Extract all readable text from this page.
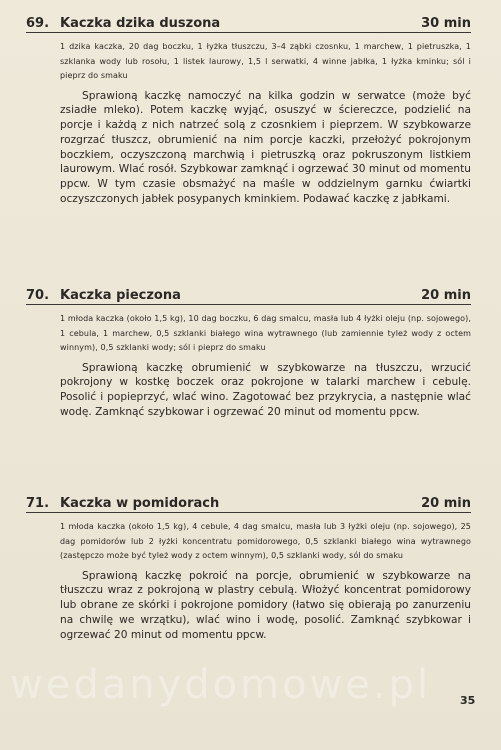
69. Kaczka dzika duszona	30 min
1 dzika kaczka, 20 dag boczku, 1 łyżka tłuszczu, 3–4 ząbki czosnku, 1 marchew, 1 pietruszka, 1 szklanka wody lub rosołu, 1 listek laurowy, 1,5 l serwatki, 4 winne jabłka, 1 łyżka kminku; sól i pieprz do smaku
Sprawioną kaczkę namoczyć na kilka godzin w serwatce (może być zsiadłe mleko). Potem kaczkę wyjąć, osuszyć w ściereczce, podzielić na porcje i każdą z nich natrzeć solą z czosnkiem i pieprzem. W szybkowarze rozgrzać tłuszcz, obrumienić na nim porcje kaczki, przełożyć pokrojonym boczkiem, oczyszczoną marchwią i pietruszką oraz pokruszonym listkiem laurowym. Wlać rosół. Szybkowar zamknąć i ogrzewać 30 minut od momentu ppcw. W tym czasie obsmażyć na maśle w oddzielnym garnku ćwiartki oczyszczonych jabłek posypanych kminkiem. Podawać kaczkę z jabłkami.
70. Kaczka pieczona	20 min
1 młoda kaczka (około 1,5 kg), 10 dag boczku, 6 dag smalcu, masła lub 4 łyżki oleju (np. sojowego), 1 cebula, 1 marchew, 0,5 szklanki białego wina wytrawnego (lub zamiennie tyleż wody z octem winnym), 0,5 szklanki wody; sól i pieprz do smaku
Sprawioną kaczkę obrumienić w szybkowarze na tłuszczu, wrzucić pokrojony w kostkę boczek oraz pokrojone w talarki marchew i cebulę. Posolić i popieprzyć, wlać wino. Zagotować bez przykrycia, a następnie wlać wodę. Zamknąć szybkowar i ogrzewać 20 minut od momentu ppcw.
71. Kaczka w pomidorach	20 min
1 młoda kaczka (około 1,5 kg), 4 cebule, 4 dag smalcu, masła lub 3 łyżki oleju (np. sojowego), 25 dag pomidorów lub 2 łyżki koncentratu pomidorowego, 0,5 szklanki białego wina wytrawnego (zastępczo może być tyleż wody z octem winnym), 0,5 szklanki wody, sól do smaku
Sprawioną kaczkę pokroić na porcje, obrumienić w szybkowarze na tłuszczu wraz z pokrojoną w plastry cebulą. Włożyć koncentrat pomidorowy lub obrane ze skórki i pokrojone pomidory (łatwo się obierają po zanurzeniu na chwilę we wrzątku), wlać wino i wodę, posolić. Zamknąć szybkowar i ogrzewać 20 minut od momentu ppcw.
wedanydomowe.pl	35
